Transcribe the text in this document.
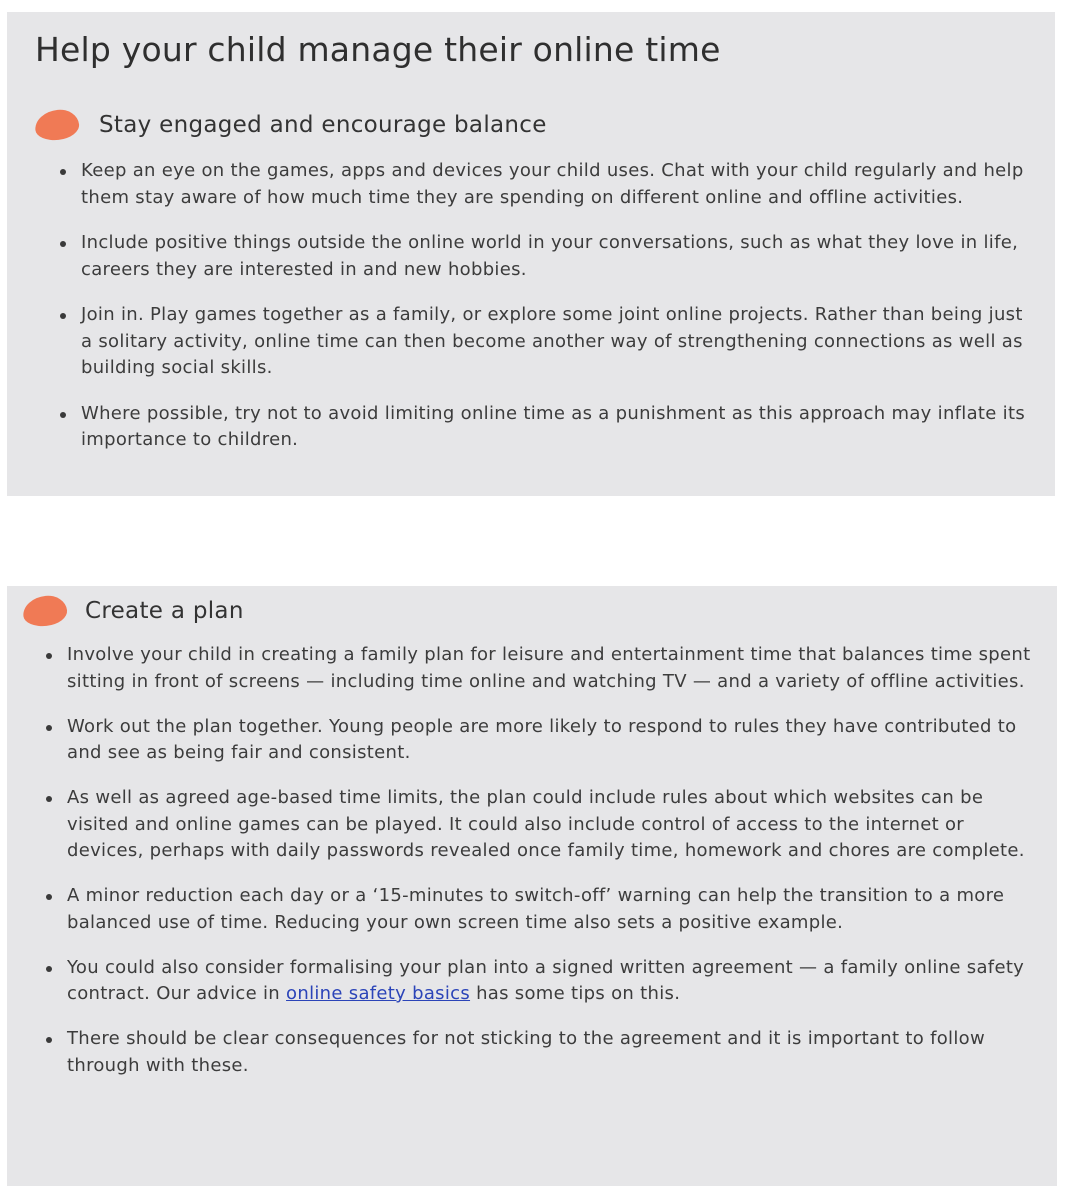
Help your child manage their online time
Stay engaged and encourage balance
Keep an eye on the games, apps and devices your child uses. Chat with your child regularly and help them stay aware of how much time they are spending on different online and offline activities.
Include positive things outside the online world in your conversations, such as what they love in life, careers they are interested in and new hobbies.
Join in. Play games together as a family, or explore some joint online projects. Rather than being just a solitary activity, online time can then become another way of strengthening connections as well as building social skills.
Where possible, try not to avoid limiting online time as a punishment as this approach may inflate its importance to children.
Create a plan
Involve your child in creating a family plan for leisure and entertainment time that balances time spent sitting in front of screens — including time online and watching TV — and a variety of offline activities.
Work out the plan together. Young people are more likely to respond to rules they have contributed to and see as being fair and consistent.
As well as agreed age-based time limits, the plan could include rules about which websites can be visited and online games can be played. It could also include control of access to the internet or devices, perhaps with daily passwords revealed once family time, homework and chores are complete.
A minor reduction each day or a ‘15-minutes to switch-off’ warning can help the transition to a more balanced use of time. Reducing your own screen time also sets a positive example.
You could also consider formalising your plan into a signed written agreement — a family online safety contract. Our advice in online safety basics has some tips on this.
There should be clear consequences for not sticking to the agreement and it is important to follow through with these.
